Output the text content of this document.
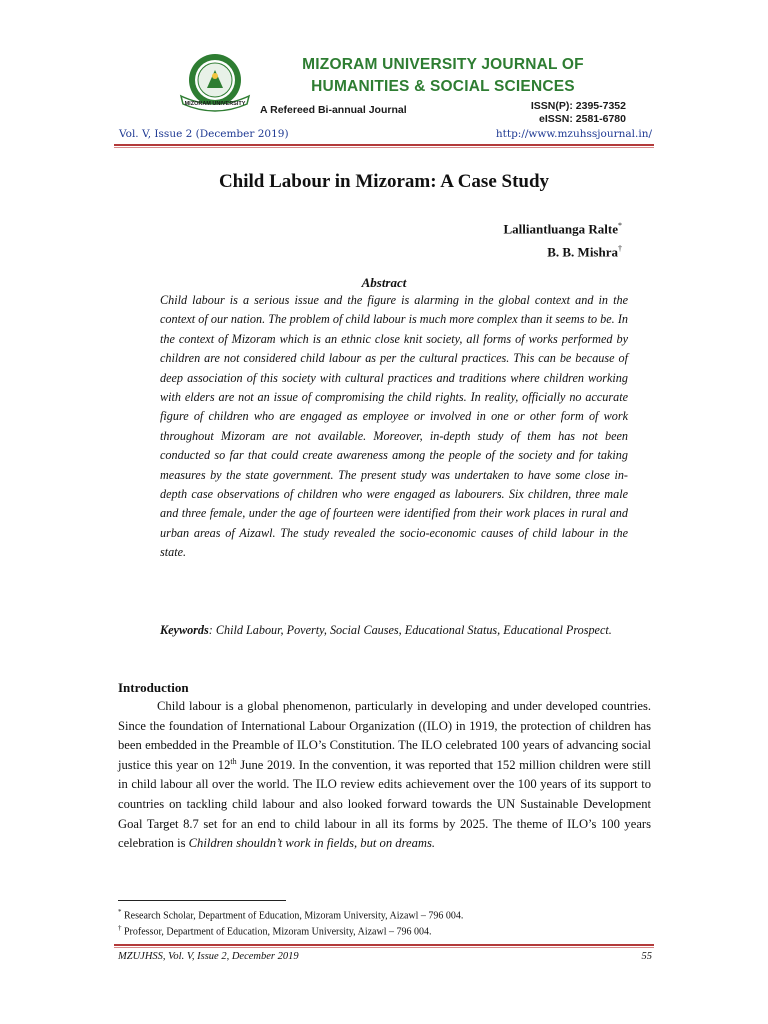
MIZORAM UNIVERSITY
MIZORAM UNIVERSITY JOURNAL OF
HUMANITIES & SOCIAL SCIENCES
A Refereed Bi-annual Journal	ISSN(P): 2395-7352
eISSN: 2581-6780
Vol. V, Issue 2 (December 2019)	http://www.mzuhssjournal.in/
Child Labour in Mizoram: A Case Study
Lalliantluanga Ralte*
B. B. Mishra†
Abstract
Child labour is a serious issue and the figure is alarming in the global context and in the context of our nation. The problem of child labour is much more complex than it seems to be. In the context of Mizoram which is an ethnic close knit society, all forms of works performed by children are not considered child labour as per the cultural practices. This can be because of deep association of this society with cultural practices and traditions where children working with elders are not an issue of compromising the child rights. In reality, officially no accurate figure of children who are engaged as employee or involved in one or other form of work throughout Mizoram are not available. Moreover, in-depth study of them has not been conducted so far that could create awareness among the people of the society and for taking measures by the state government. The present study was undertaken to have some close in-depth case observations of children who were engaged as labourers. Six children, three male and three female, under the age of fourteen were identified from their work places in rural and urban areas of Aizawl. The study revealed the socio-economic causes of child labour in the state.
Keywords: Child Labour, Poverty, Social Causes, Educational Status, Educational Prospect.
Introduction

Child labour is a global phenomenon, particularly in developing and under developed countries. Since the foundation of International Labour Organization ((ILO) in 1919, the protection of children has been embedded in the Preamble of ILO’s Constitution. The ILO celebrated 100 years of advancing social justice this year on 12th June 2019. In the convention, it was reported that 152 million children were still in child labour all over the world. The ILO review edits achievement over the 100 years of its support to countries on tackling child labour and also looked forward towards the UN Sustainable Development Goal Target 8.7 set for an end to child labour in all its forms by 2025. The theme of ILO’s 100 years celebration is Children shouldn’t work in fields, but on dreams.

* Research Scholar, Department of Education, Mizoram University, Aizawl – 796 004.
† Professor, Department of Education, Mizoram University, Aizawl – 796 004.
MZUJHSS, Vol. V, Issue 2, December 2019	55
